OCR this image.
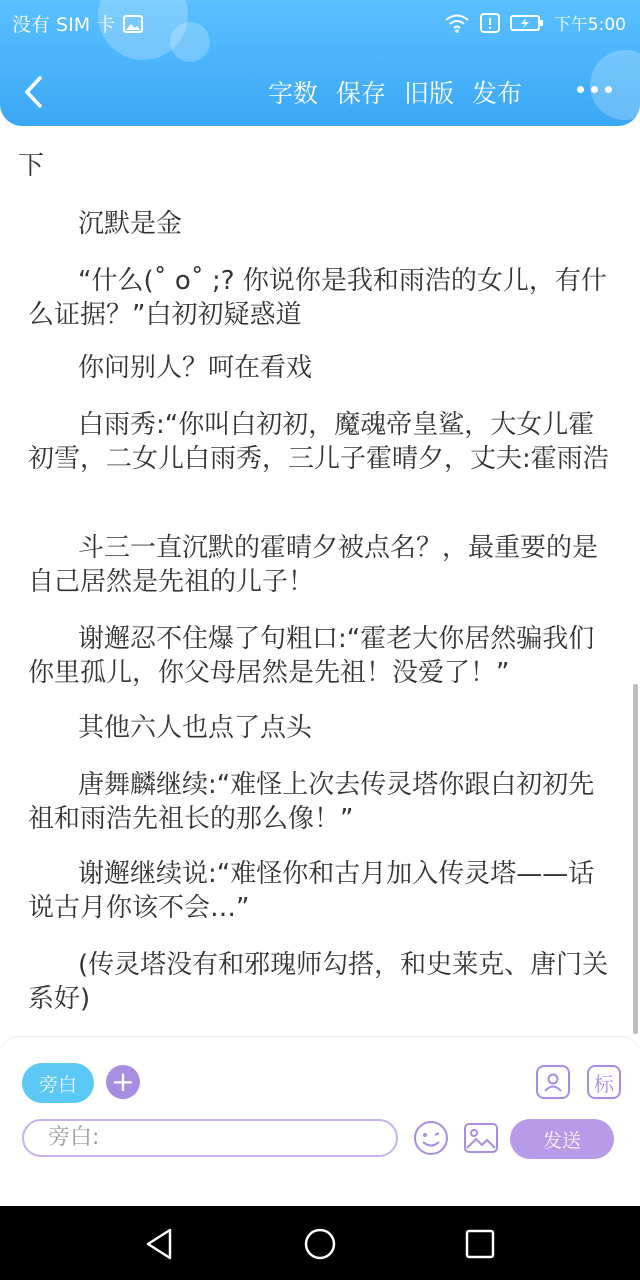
没有 SIM 卡	下午5:00
字数 保存 旧版 发布

下

沉默是金

“什么(˚ o˚ ;? 你说你是我和雨浩的女儿，有什么证据？”白初初疑惑道

你问别人？呵在看戏

白雨秀:“你叫白初初，魔魂帝皇鲨，大女儿霍初雪，二女儿白雨秀，三儿子霍晴夕，丈夫:霍雨浩

斗三一直沉默的霍晴夕被点名？，最重要的是自己居然是先祖的儿子！

谢邂忍不住爆了句粗口:“霍老大你居然骗我们你里孤儿，你父母居然是先祖！没爱了！”

其他六人也点了点头

唐舞麟继续:“难怪上次去传灵塔你跟白初初先祖和雨浩先祖长的那么像！”

谢邂继续说:“难怪你和古月加入传灵塔——话说古月你该不会…”

(传灵塔没有和邪瑰师勾搭，和史莱克、唐门关系好)

旁白	+	标
旁白:	发送
